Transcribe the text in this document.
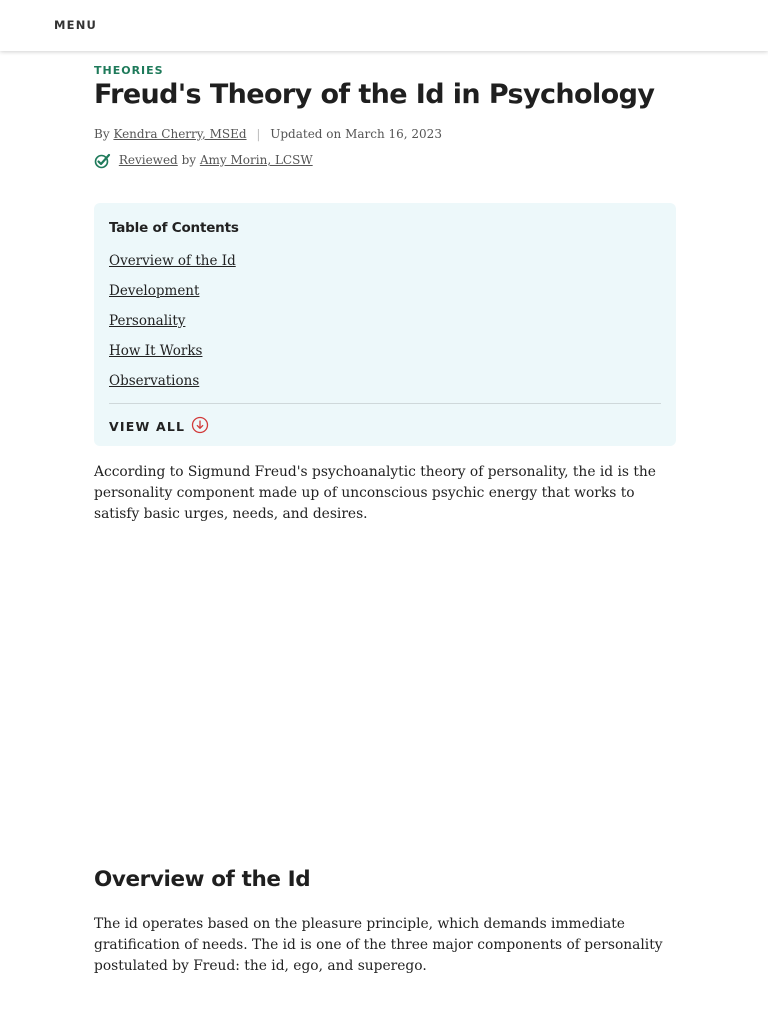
MENU
THEORIES
Freud's Theory of the Id in Psychology
By Kendra Cherry, MSEd | Updated on March 16, 2023
Reviewed by Amy Morin, LCSW
Table of Contents
Overview of the Id
Development
Personality
How It Works
Observations
VIEW ALL

According to Sigmund Freud's psychoanalytic theory of personality, the id is the personality component made up of unconscious psychic energy that works to satisfy basic urges, needs, and desires.

Overview of the Id

The id operates based on the pleasure principle, which demands immediate gratification of needs. The id is one of the three major components of personality postulated by Freud: the id, ego, and superego.
